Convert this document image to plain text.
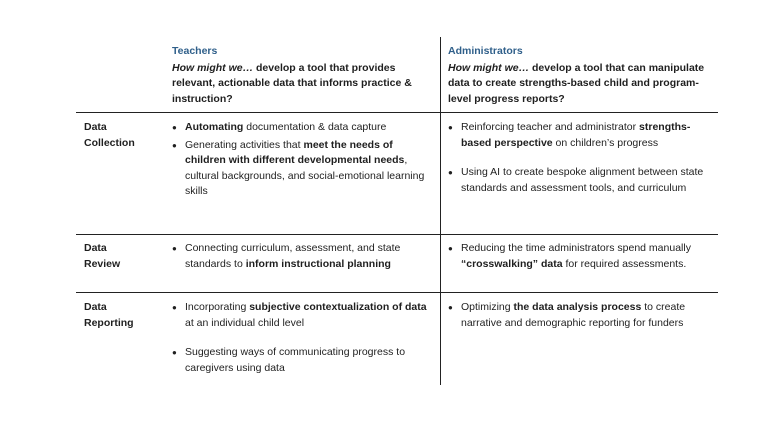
Teachers
How might we… develop a tool that provides relevant, actionable data that informs practice & instruction?
Administrators
How might we… develop a tool that can manipulate data to create strengths-based child and program-level progress reports?
Data
Collection

● Automating documentation & data capture

● Generating activities that meet the needs of children with different developmental needs, cultural backgrounds, and social-emotional learning skills

● Reinforcing teacher and administrator strengths-based perspective on children’s progress

● Using AI to create bespoke alignment between state standards and assessment tools, and curriculum

Data
Review

● Connecting curriculum, assessment, and state standards to inform instructional planning

● Reducing the time administrators spend manually “crosswalking” data for required assessments.

Data
Reporting

● Incorporating subjective contextualization of data at an individual child level

● Suggesting ways of communicating progress to caregivers using data

● Optimizing the data analysis process to create narrative and demographic reporting for funders
